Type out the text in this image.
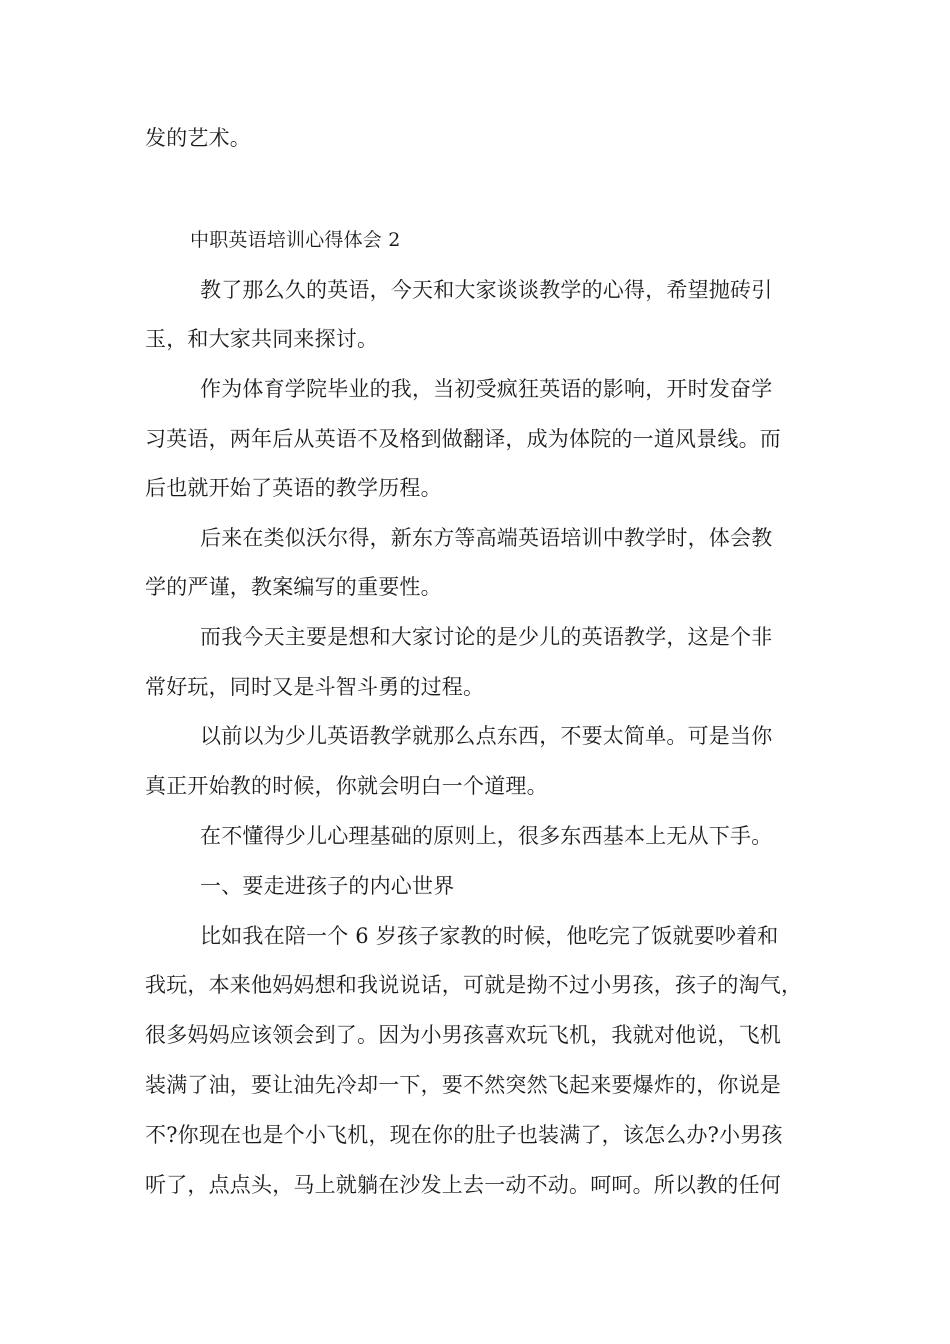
发的艺术。
中职英语培训心得体会 2
教了那么久的英语，今天和大家谈谈教学的心得，希望抛砖引
玉，和大家共同来探讨。
作为体育学院毕业的我，当初受疯狂英语的影响，开时发奋学
习英语，两年后从英语不及格到做翻译，成为体院的一道风景线。而
后也就开始了英语的教学历程。
后来在类似沃尔得，新东方等高端英语培训中教学时，体会教
学的严谨，教案编写的重要性。
而我今天主要是想和大家讨论的是少儿的英语教学，这是个非
常好玩，同时又是斗智斗勇的过程。
以前以为少儿英语教学就那么点东西，不要太简单。可是当你
真正开始教的时候，你就会明白一个道理。
在不懂得少儿心理基础的原则上，很多东西基本上无从下手。
一、要走进孩子的内心世界
比如我在陪一个 6 岁孩子家教的时候，他吃完了饭就要吵着和
我玩，本来他妈妈想和我说说话，可就是拗不过小男孩，孩子的淘气，
很多妈妈应该领会到了。因为小男孩喜欢玩飞机，我就对他说，飞机
装满了油，要让油先冷却一下，要不然突然飞起来要爆炸的，你说是
不?你现在也是个小飞机，现在你的肚子也装满了，该怎么办?小男孩
听了，点点头，马上就躺在沙发上去一动不动。呵呵。所以教的任何
